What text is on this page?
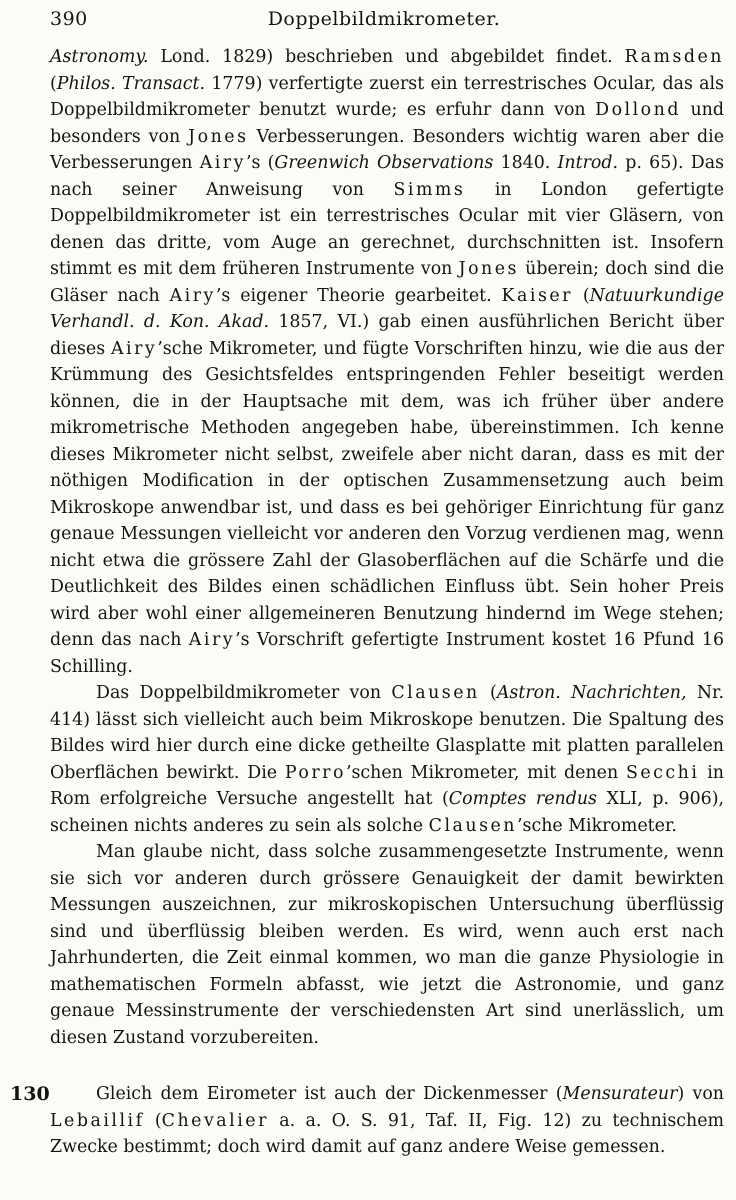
390	Doppelbildmikrometer.

Astronomy. Lond. 1829) beschrieben und abgebildet findet. Ramsden (Philos. Transact. 1779) verfertigte zuerst ein terrestrisches Ocular, das als Doppelbildmikrometer benutzt wurde; es erfuhr dann von Dollond und besonders von Jones Verbesserungen. Besonders wichtig waren aber die Verbesserungen Airy’s (Greenwich Observations 1840. Introd. p. 65). Das nach seiner Anweisung von Simms in London gefertigte Doppelbildmikrometer ist ein terrestrisches Ocular mit vier Gläsern, von denen das dritte, vom Auge an gerechnet, durchschnitten ist. Insofern stimmt es mit dem früheren Instrumente von Jones überein; doch sind die Gläser nach Airy’s eigener Theorie gearbeitet. Kaiser (Natuurkundige Verhandl. d. Kon. Akad. 1857, VI.) gab einen ausführlichen Bericht über dieses Airy’sche Mikrometer, und fügte Vorschriften hinzu, wie die aus der Krümmung des Gesichtsfeldes entspringenden Fehler beseitigt werden können, die in der Hauptsache mit dem, was ich früher über andere mikrometrische Methoden angegeben habe, übereinstimmen. Ich kenne dieses Mikrometer nicht selbst, zweifele aber nicht daran, dass es mit der nöthigen Modification in der optischen Zusammensetzung auch beim Mikroskope anwendbar ist, und dass es bei gehöriger Einrichtung für ganz genaue Messungen vielleicht vor anderen den Vorzug verdienen mag, wenn nicht etwa die grössere Zahl der Glasoberflächen auf die Schärfe und die Deutlichkeit des Bildes einen schädlichen Einfluss übt. Sein hoher Preis wird aber wohl einer allgemeineren Benutzung hindernd im Wege stehen; denn das nach Airy’s Vorschrift gefertigte Instrument kostet 16 Pfund 16 Schilling.

Das Doppelbildmikrometer von Clausen (Astron. Nachrichten, Nr. 414) lässt sich vielleicht auch beim Mikroskope benutzen. Die Spaltung des Bildes wird hier durch eine dicke getheilte Glasplatte mit platten parallelen Oberflächen bewirkt. Die Porro’schen Mikrometer, mit denen Secchi in Rom erfolgreiche Versuche angestellt hat (Comptes rendus XLI, p. 906), scheinen nichts anderes zu sein als solche Clausen’sche Mikrometer.

Man glaube nicht, dass solche zusammengesetzte Instrumente, wenn sie sich vor anderen durch grössere Genauigkeit der damit bewirkten Messungen auszeichnen, zur mikroskopischen Untersuchung überflüssig sind und überflüssig bleiben werden. Es wird, wenn auch erst nach Jahrhunderten, die Zeit einmal kommen, wo man die ganze Physiologie in mathematischen Formeln abfasst, wie jetzt die Astronomie, und ganz genaue Messinstrumente der verschiedensten Art sind unerlässlich, um diesen Zustand vorzubereiten.

130	Gleich dem Eirometer ist auch der Dickenmesser (Mensurateur) von Lebaillif (Chevalier a. a. O. S. 91, Taf. II, Fig. 12) zu technischem Zwecke bestimmt; doch wird damit auf ganz andere Weise gemessen.
